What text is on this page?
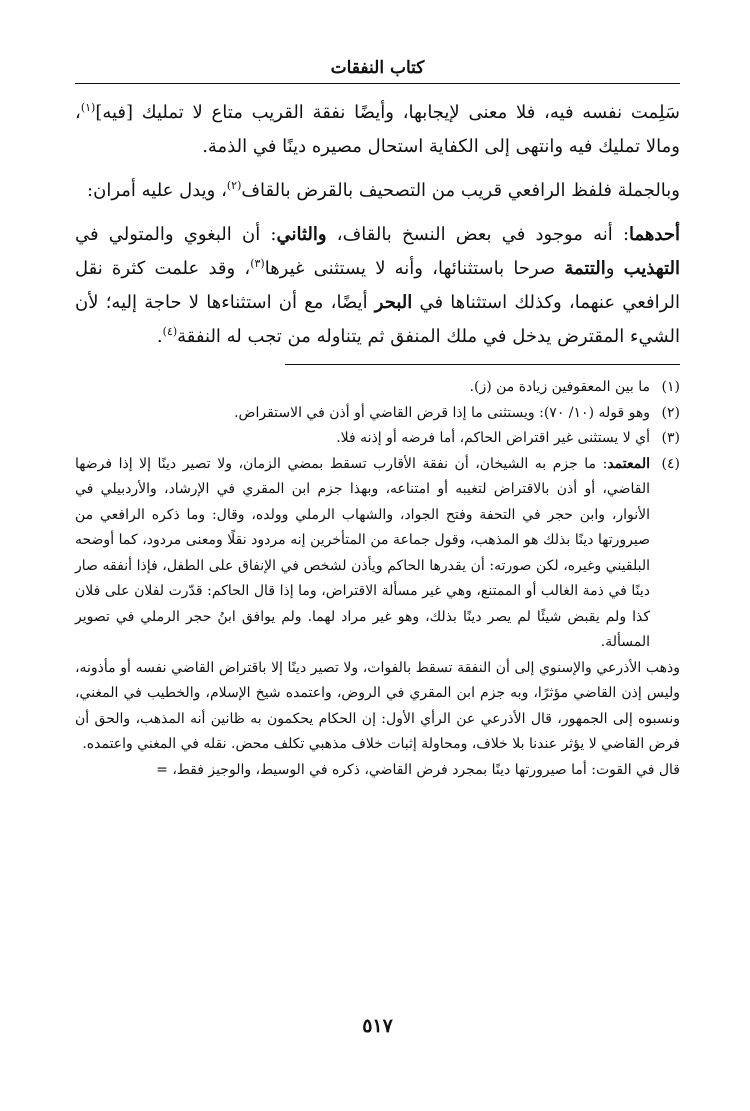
كتاب النفقات

سَلِمت نفسه فيه، فلا معنى لإيجابها، وأيضًا نفقة القريب متاع لا تمليك [فيه]$^{(١)}$، ومالا تمليك فيه وانتهى إلى الكفاية استحال مصيره دينًا في الذمة.

وبالجملة فلفظ الرافعي قريب من التصحيف بالقرض بالقاف$^{(٢)}$، ويدل عليه أمران:

أحدهما: أنه موجود في بعض النسخ بالقاف، والثاني: أن البغوي والمتولي في التهذيب والتتمة صرحا باستثنائها، وأنه لا يستثنى غيرها$^{(٣)}$، وقد علمت كثرة نقل الرافعي عنهما، وكذلك استثناها في البحر أيضًا، مع أن استثناءها لا حاجة إليه؛ لأن الشيء المقترض يدخل في ملك المنفق ثم يتناوله من تجب له النفقة$^{(٤)}$.

(١)
ما بين المعقوفين زيادة من (ز).
(٢)
وهو قوله (١٠/ ٧٠): ويستثنى ما إذا قرض القاضي أو أذن في الاستقراض.
(٣)
أي لا يستثنى غير اقتراض الحاكم، أما فرضه أو إذنه فلا.
(٤)
المعتمد: ما جزم به الشيخان، أن نفقة الأقارب تسقط بمضي الزمان، ولا تصير دينًا إلا إذا فرضها القاضي، أو أذن بالاقتراض لتغيبه أو امتناعه، وبهذا جزم ابن المقري في الإرشاد، والأردبيلي في الأنوار، وابن حجر في التحفة وفتح الجواد، والشهاب الرملي وولده، وقال: وما ذكره الرافعي من صيرورتها دينًا بذلك هو المذهب، وقول جماعة من المتأخرين إنه مردود نقلًا ومعنى مردود، كما أوضحه البلقيني وغيره، لكن صورته: أن يقدرها الحاكم ويأذن لشخص في الإنفاق على الطفل، فإذا أنفقه صار دينًا في ذمة الغالب أو الممتنع، وهي غير مسألة الاقتراض، وما إذا قال الحاكم: قدّرت لفلان على فلان كذا ولم يقبض شيئًا لم يصر دينًا بذلك، وهو غير مراد لهما. ولم يوافق ابنُ حجر الرملي في تصوير المسألة.

وذهب الأذرعي والإسنوي إلى أن النفقة تسقط بالفوات، ولا تصير دينًا إلا باقتراض القاضي نفسه أو مأذونه، وليس إذن القاضي مؤثرًا، وبه جزم ابن المقري في الروض، واعتمده شيخ الإسلام، والخطيب في المغني، ونسبوه إلى الجمهور، قال الأذرعي عن الرأي الأول: إن الحكام يحكمون به ظانين أنه المذهب، والحق أن فرض القاضي لا يؤثر عندنا بلا خلاف، ومحاولة إثبات خلاف مذهبي تكلف محض. نقله في المغني واعتمده.

قال في القوت: أما صيرورتها دينًا بمجرد فرض القاضي، ذكره في الوسيط، والوجيز فقط، =

٥١٧
